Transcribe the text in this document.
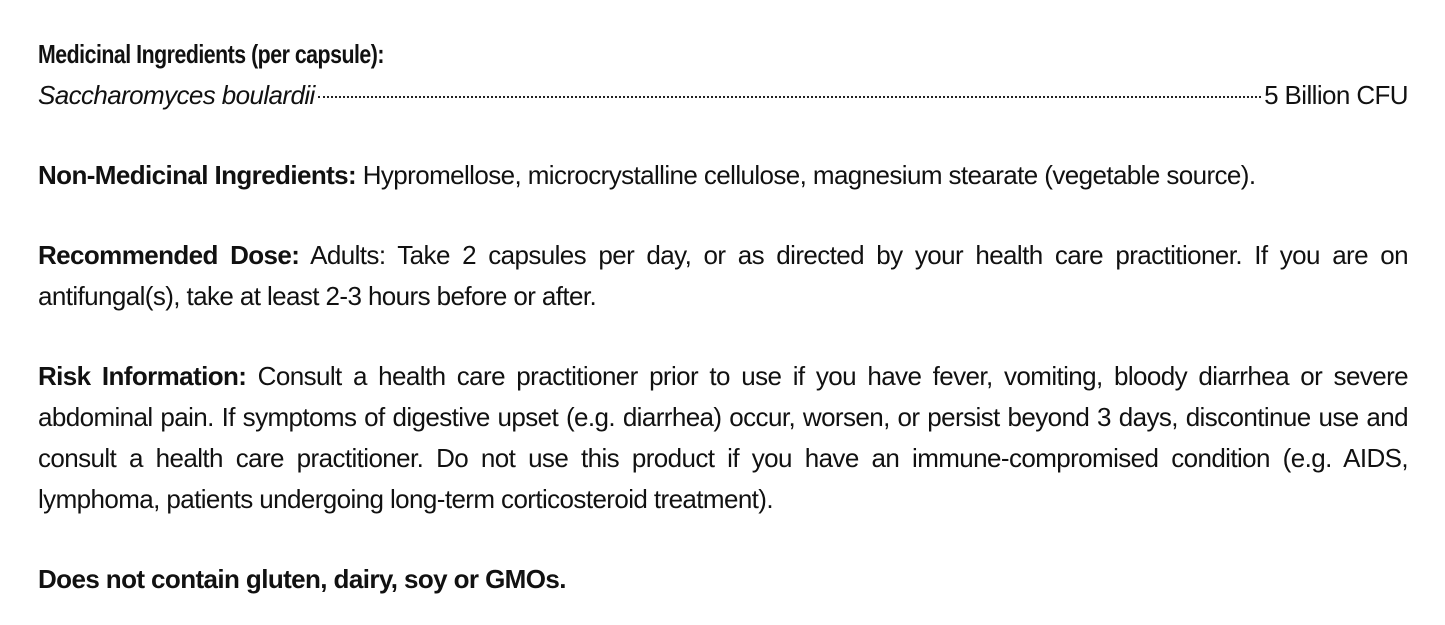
Medicinal Ingredients (per capsule):
Saccharomyces boulardii	5 Billion CFU

Non-Medicinal Ingredients: Hypromellose, microcrystalline cellulose, magnesium stearate (vegetable source).

Recommended Dose: Adults: Take 2 capsules per day, or as directed by your health care practitioner. If you are on antifungal(s), take at least 2-3 hours before or after.

Risk Information: Consult a health care practitioner prior to use if you have fever, vomiting, bloody diarrhea or severe abdominal pain. If symptoms of digestive upset (e.g. diarrhea) occur, worsen, or persist beyond 3 days, discontinue use and consult a health care practitioner. Do not use this product if you have an immune-compromised condition (e.g. AIDS, lymphoma, patients undergoing long-term corticosteroid treatment).

Does not contain gluten, dairy, soy or GMOs.
